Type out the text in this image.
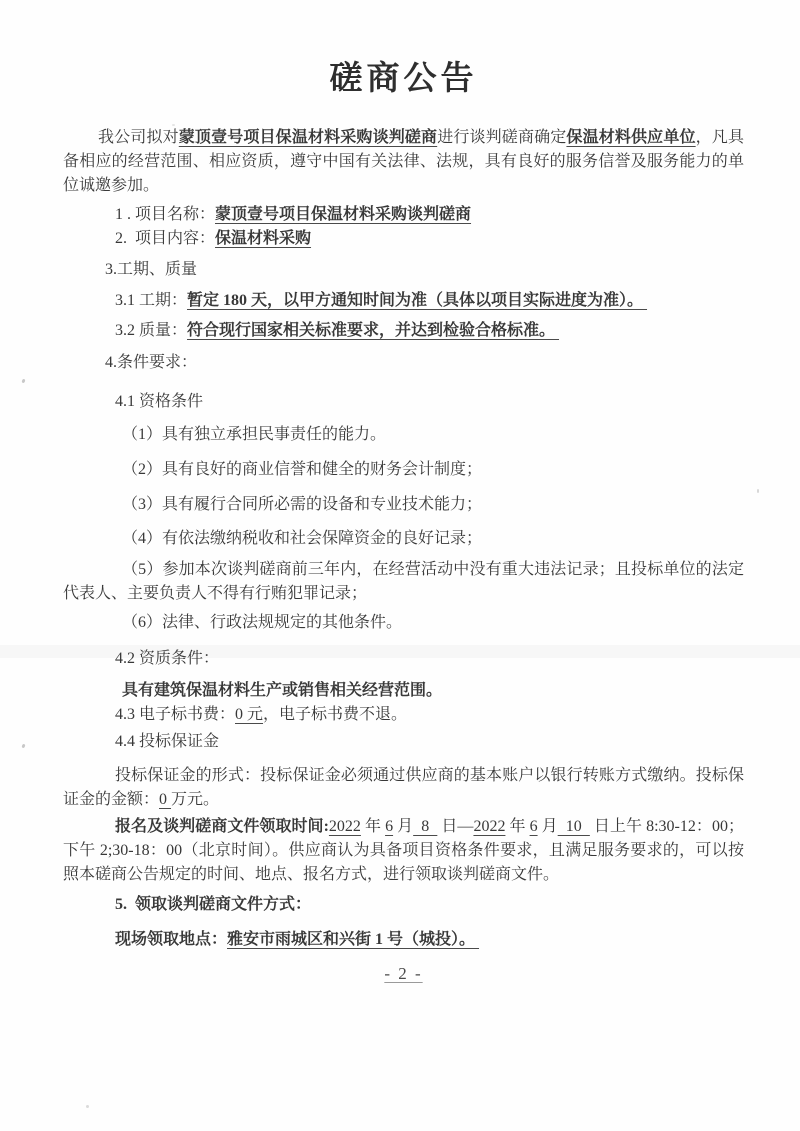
磋商公告

我公司拟对蒙顶壹号项目保温材料采购谈判磋商进行谈判磋商确定保温材料供应单位，凡具备相应的经营范围、相应资质，遵守中国有关法律、法规，具有良好的服务信誉及服务能力的单位诚邀参加。

1 . 项目名称：蒙顶壹号项目保温材料采购谈判磋商

2.  项目内容：保温材料采购

3.工期、质量

3.1 工期：暂定 180 天，以甲方通知时间为准（具体以项目实际进度为准）。

3.2 质量：符合现行国家相关标准要求，并达到检验合格标准。

4.条件要求：

4.1 资格条件

（1）具有独立承担民事责任的能力。

（2）具有良好的商业信誉和健全的财务会计制度；

（3）具有履行合同所必需的设备和专业技术能力；

（4）有依法缴纳税收和社会保障资金的良好记录；

（5）参加本次谈判磋商前三年内，在经营活动中没有重大违法记录；且投标单位的法定代表人、主要负责人不得有行贿犯罪记录；

（6）法律、行政法规规定的其他条件。

4.2 资质条件：

具有建筑保温材料生产或销售相关经营范围。

4.3 电子标书费：0 元，电子标书费不退。

4.4 投标保证金

投标保证金的形式：投标保证金必须通过供应商的基本账户以银行转账方式缴纳。投标保证金的金额：0 万元。

报名及谈判磋商文件领取时间:2022 年 6 月  8   日—2022 年 6 月  10   日上午 8:30-12：00；下午 2;30-18：00（北京时间）。供应商认为具备项目资格条件要求，且满足服务要求的，可以按照本磋商公告规定的时间、地点、报名方式，进行领取谈判磋商文件。

5.  领取谈判磋商文件方式：

现场领取地点：雅安市雨城区和兴街 1 号（城投）。

- 2 -
